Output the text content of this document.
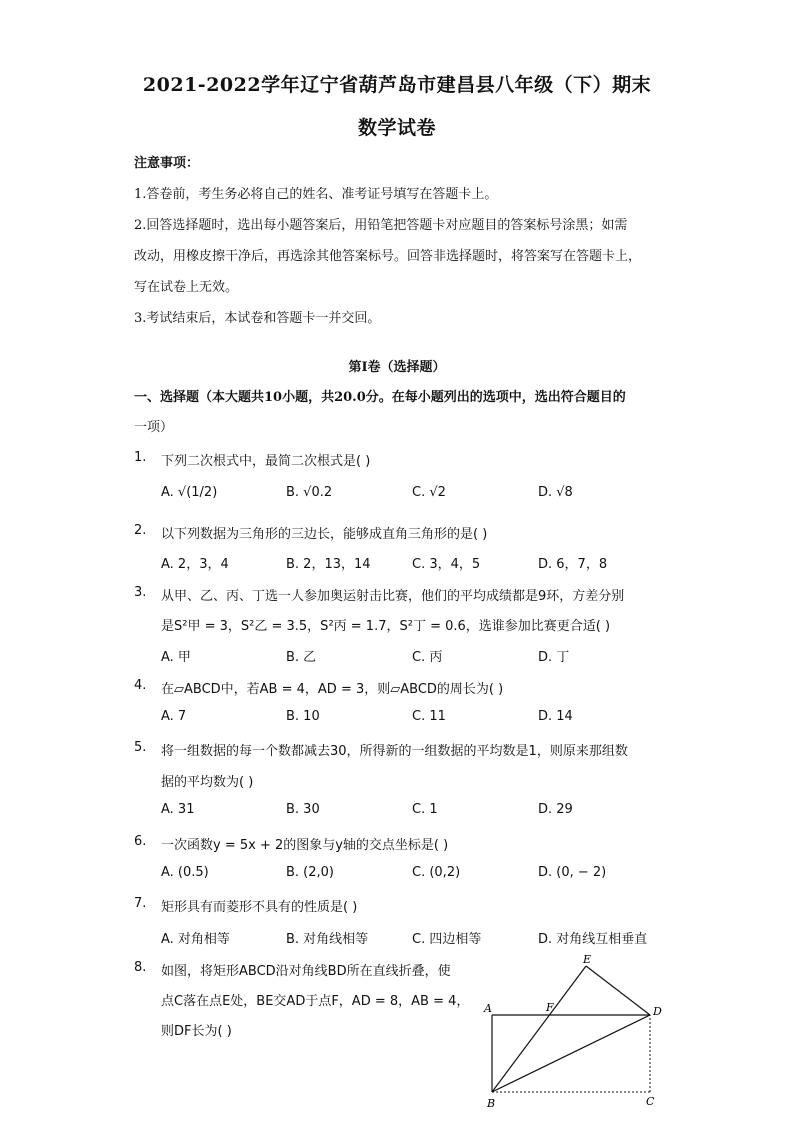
2021-2022学年辽宁省葫芦岛市建昌县八年级（下）期末
数学试卷
注意事项：
1.答卷前，考生务必将自己的姓名、准考证号填写在答题卡上。
2.回答选择题时，选出每小题答案后，用铅笔把答题卡对应题目的答案标号涂黑；如需
改动，用橡皮擦干净后，再选涂其他答案标号。回答非选择题时，将答案写在答题卡上，
写在试卷上无效。
3.考试结束后，本试卷和答题卡一并交回。
第Ⅰ卷（选择题）
一、选择题（本大题共10小题，共20.0分。在每小题列出的选项中，选出符合题目的
一项）
1. 下列二次根式中，最简二次根式是( )
A. √(1/2)	B. √0.2	C. √2	D. √8
2. 以下列数据为三角形的三边长，能够成直角三角形的是( )
A. 2，3，4	B. 2，13，14	C. 3，4，5	D. 6，7，8
3. 从甲、乙、丙、丁选一人参加奥运射击比赛，他们的平均成绩都是9环，方差分别
是S²甲 = 3，S²乙 = 3.5，S²丙 = 1.7，S²丁 = 0.6，选谁参加比赛更合适( )
A. 甲	B. 乙	C. 丙	D. 丁
4. 在▱ABCD中，若AB = 4，AD = 3，则▱ABCD的周长为( )
A. 7	B. 10	C. 11	D. 14
5. 将一组数据的每一个数都减去30，所得新的一组数据的平均数是1，则原来那组数
据的平均数为( )
A. 31	B. 30	C. 1	D. 29
6. 一次函数y = 5x + 2的图象与y轴的交点坐标是( )
A. (0.5)	B. (2,0)	C. (0,2)	D. (0, − 2)
7. 矩形具有而菱形不具有的性质是( )
A. 对角相等	B. 对角线相等	C. 四边相等	D. 对角线互相垂直
8. 如图，将矩形ABCD沿对角线BD所在直线折叠，使
点C落在点E处，BE交AD于点F，AD = 8，AB = 4，
则DF长为( )
E
F
A	D
B	C
